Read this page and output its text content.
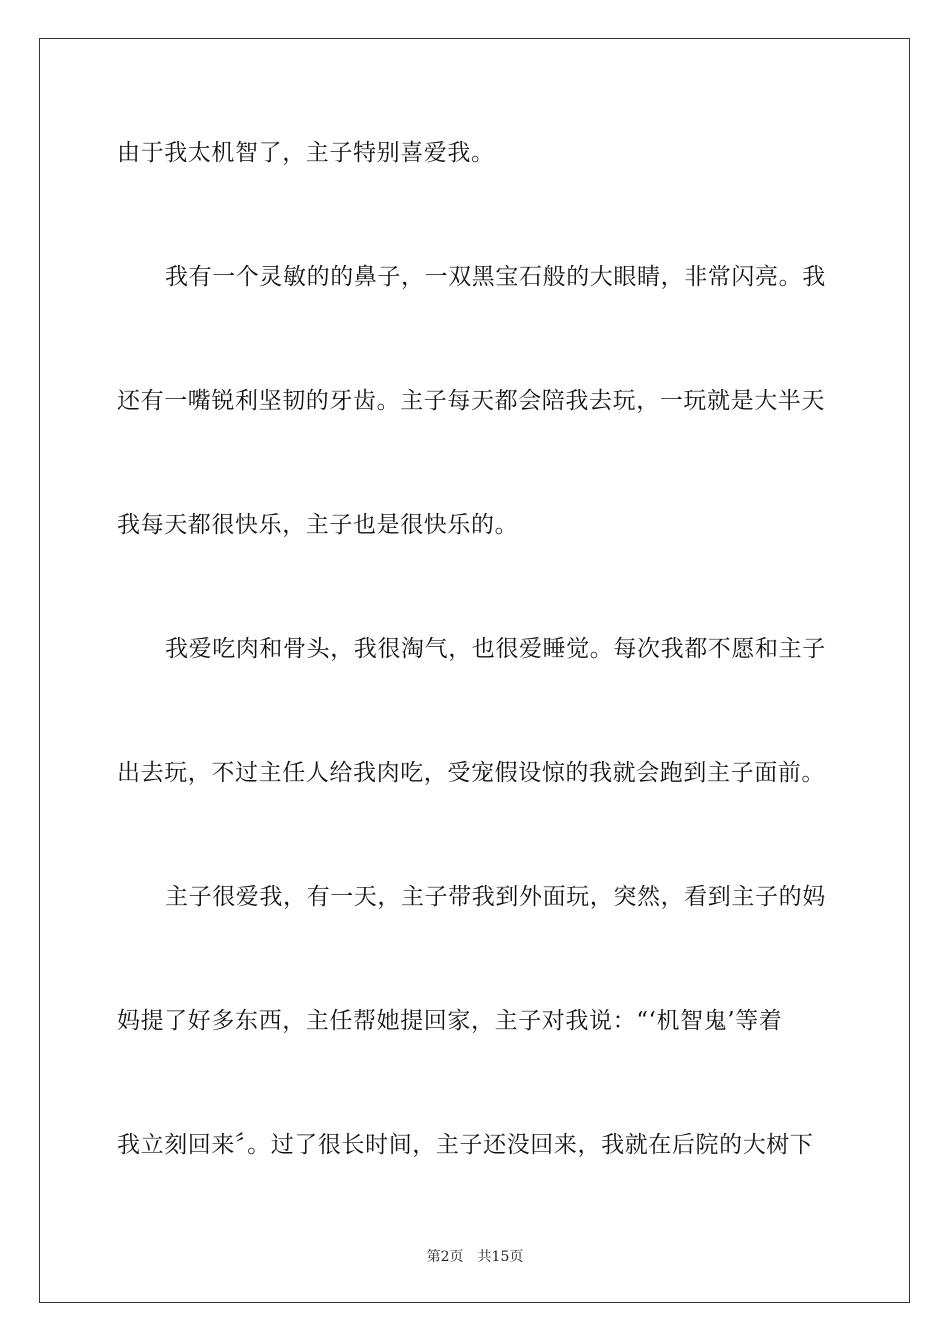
由于我太机智了，主子特别喜爱我。
我有一个灵敏的的鼻子，一双黑宝石般的大眼睛，非常闪亮。我
还有一嘴锐利坚韧的牙齿。主子每天都会陪我去玩，一玩就是大半天
我每天都很快乐，主子也是很快乐的。
我爱吃肉和骨头，我很淘气，也很爱睡觉。每次我都不愿和主子
出去玩，不过主任人给我肉吃，受宠假设惊的我就会跑到主子面前。
主子很爱我，有一天，主子带我到外面玩，突然，看到主子的妈
妈提了好多东西，主任帮她提回家，主子对我说：“‘机智鬼’等着
我立刻回来〞。过了很长时间，主子还没回来，我就在后院的大树下
第2页 共15页
